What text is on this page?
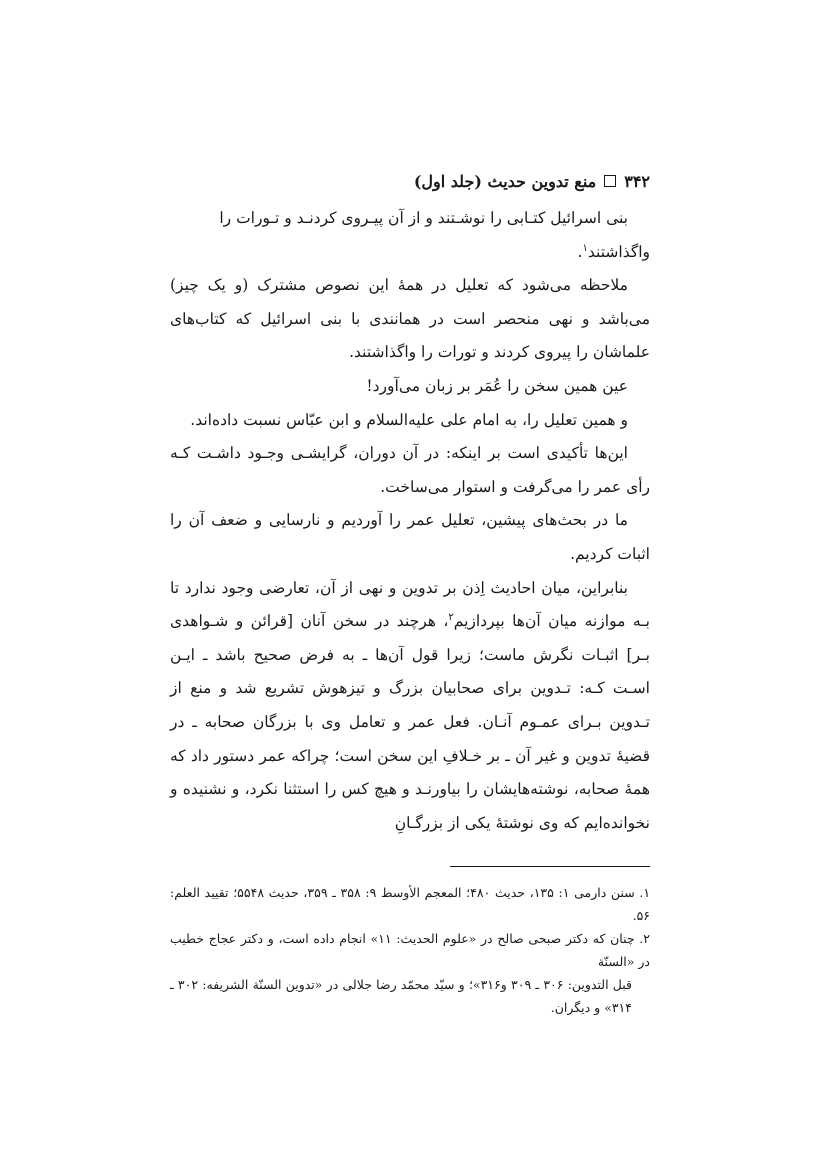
۳۴۲
منع تدوین حدیث (جلد اول)

بنی اسرائیل کتـابی را نوشـتند و از آن پیـروی کردنـد و تـورات را
واگذاشتند$^۱$.

ملاحظه می‌شود که تعلیل در همهٔ این نصوص مشترک (و یک چیز) می‌باشد و نهی منحصر است در همانندی با بنی اسرائیل که کتاب‌های علماشان را پیروی کردند و تورات را واگذاشتند.

عین همین سخن را عُمَر بر زبان می‌آورد!

و همین تعلیل را، به امام علی عليه‌السلام و ابن عبّاس نسبت داده‌اند.

این‌ها تأکیدی است بر اینکه: در آن دوران، گرایشـی وجـود داشـت کـه رأی عمر را می‌گرفت و استوار می‌ساخت.

ما در بحث‌های پیشین، تعلیل عمر را آوردیم و نارسایی و ضعف آن را اثبات کردیم.

بنابراین، میان احادیث اِذن بر تدوین و نهی از آن، تعارضی وجود ندارد تا بـه موازنه میان آن‌ها بپردازیم$^۲$، هرچند در سخن آنان [قرائن و شـواهدی بـر] اثبـات نگرش ماست؛ زیرا قول آن‌ها ـ به فرض صحیح باشد ـ ایـن اسـت کـه: تـدوین برای صحابیان بزرگ و تیزهوش تشریع شد و منع از تـدوین بـرای عمـوم آنـان. فعل عمر و تعامل وی با بزرگان صحابه ـ در قضیهٔ تدوین و غیر آن ـ بر خـلافِ این سخن است؛ چراکه عمر دستور داد که همهٔ صحابه، نوشته‌هایشان را بیاورنـد و هیچ کس را استثنا نکرد، و نشنیده و نخوانده‌ایم که وی نوشتهٔ یکی از بزرگـانِ

۱. سنن دارمی ۱: ۱۳۵، حدیث ۴۸۰؛ المعجم الأوسط ۹: ۳۵۸ ـ ۳۵۹، حدیث ۵۵۴۸؛ تقیید العلم: ۵۶.

۲. چنان که دکتر صبحی صالح در «علوم الحدیث: ۱۱» انجام داده است، و دکتر عجاج خطیب در «السنّة

قبل التدوین: ۳۰۶ ـ ۳۰۹ و۳۱۶»؛ و سیّد محمّد رضا جلالی در «تدوین السنّة الشریفه: ۳۰۲ ـ ۳۱۴» و دیگران.
